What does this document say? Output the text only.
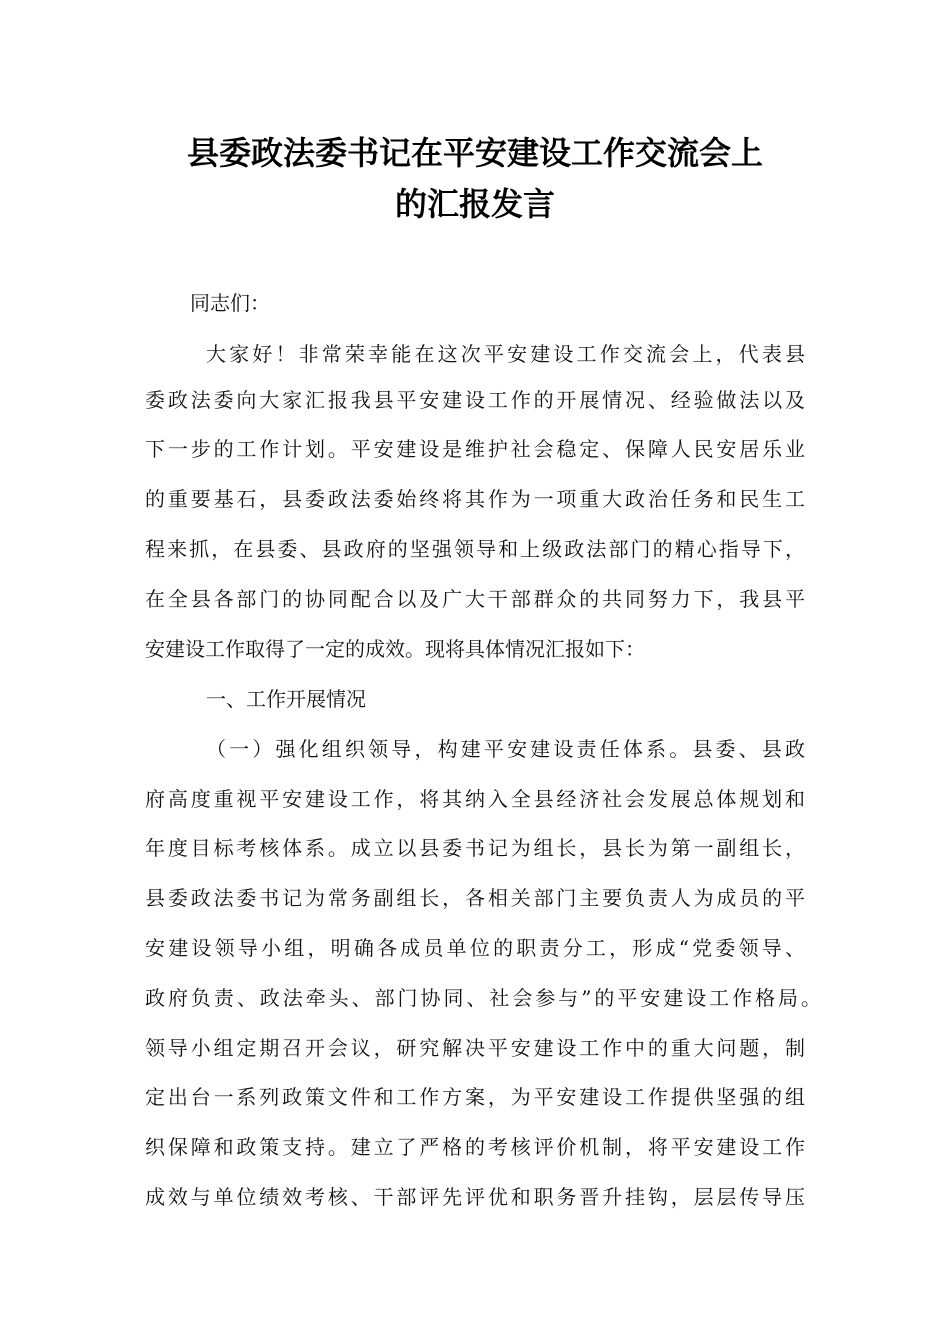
县委政法委书记在平安建设工作交流会上
的汇报发言
同志们：
大家好！非常荣幸能在这次平安建设工作交流会上，代表县
委政法委向大家汇报我县平安建设工作的开展情况、经验做法以及
下一步的工作计划。平安建设是维护社会稳定、保障人民安居乐业
的重要基石，县委政法委始终将其作为一项重大政治任务和民生工
程来抓，在县委、县政府的坚强领导和上级政法部门的精心指导下，
在全县各部门的协同配合以及广大干部群众的共同努力下，我县平
安建设工作取得了一定的成效。现将具体情况汇报如下：
一、工作开展情况
（一）强化组织领导，构建平安建设责任体系。县委、县政
府高度重视平安建设工作，将其纳入全县经济社会发展总体规划和
年度目标考核体系。成立以县委书记为组长，县长为第一副组长，
县委政法委书记为常务副组长，各相关部门主要负责人为成员的平
安建设领导小组，明确各成员单位的职责分工，形成“党委领导、
政府负责、政法牵头、部门协同、社会参与”的平安建设工作格局。
领导小组定期召开会议，研究解决平安建设工作中的重大问题，制
定出台一系列政策文件和工作方案，为平安建设工作提供坚强的组
织保障和政策支持。建立了严格的考核评价机制，将平安建设工作
成效与单位绩效考核、干部评先评优和职务晋升挂钩，层层传导压
